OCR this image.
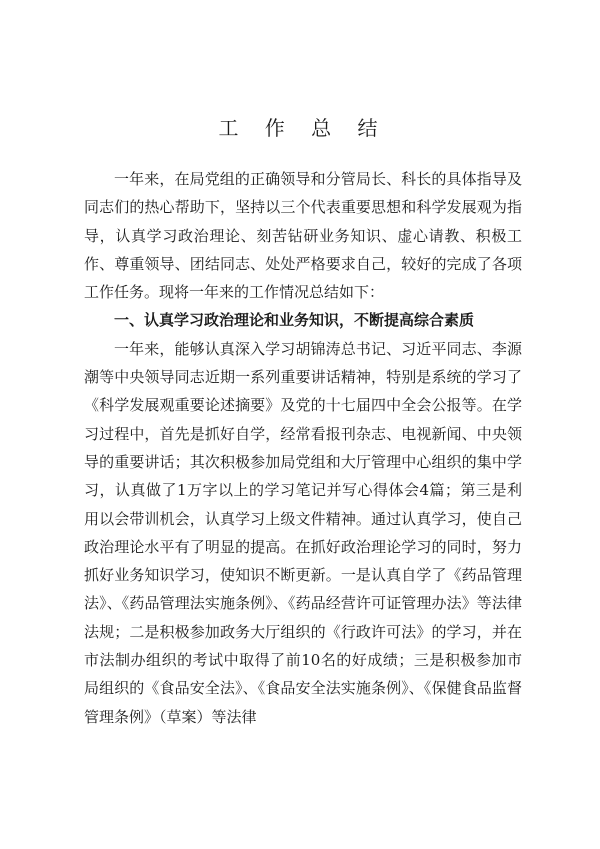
工 作 总 结

一年来，在局党组的正确领导和分管局长、科长的具体指导及同志们的热心帮助下，坚持以三个代表重要思想和科学发展观为指导，认真学习政治理论、刻苦钻研业务知识、虚心请教、积极工作、尊重领导、团结同志、处处严格要求自己，较好的完成了各项工作任务。现将一年来的工作情况总结如下：

一、认真学习政治理论和业务知识，不断提高综合素质

一年来，能够认真深入学习胡锦涛总书记、习近平同志、李源潮等中央领导同志近期一系列重要讲话精神，特别是系统的学习了《科学发展观重要论述摘要》及党的十七届四中全会公报等。在学习过程中，首先是抓好自学，经常看报刊杂志、电视新闻、中央领导的重要讲话；其次积极参加局党组和大厅管理中心组织的集中学习，认真做了1万字以上的学习笔记并写心得体会4篇；第三是利用以会带训机会，认真学习上级文件精神。通过认真学习，使自己政治理论水平有了明显的提高。在抓好政治理论学习的同时，努力抓好业务知识学习，使知识不断更新。一是认真自学了《药品管理法》、《药品管理法实施条例》、《药品经营许可证管理办法》等法律法规；二是积极参加政务大厅组织的《行政许可法》的学习，并在市法制办组织的考试中取得了前10名的好成绩；三是积极参加市局组织的《食品安全法》、《食品安全法实施条例》、《保健食品监督管理条例》（草案）等法律
